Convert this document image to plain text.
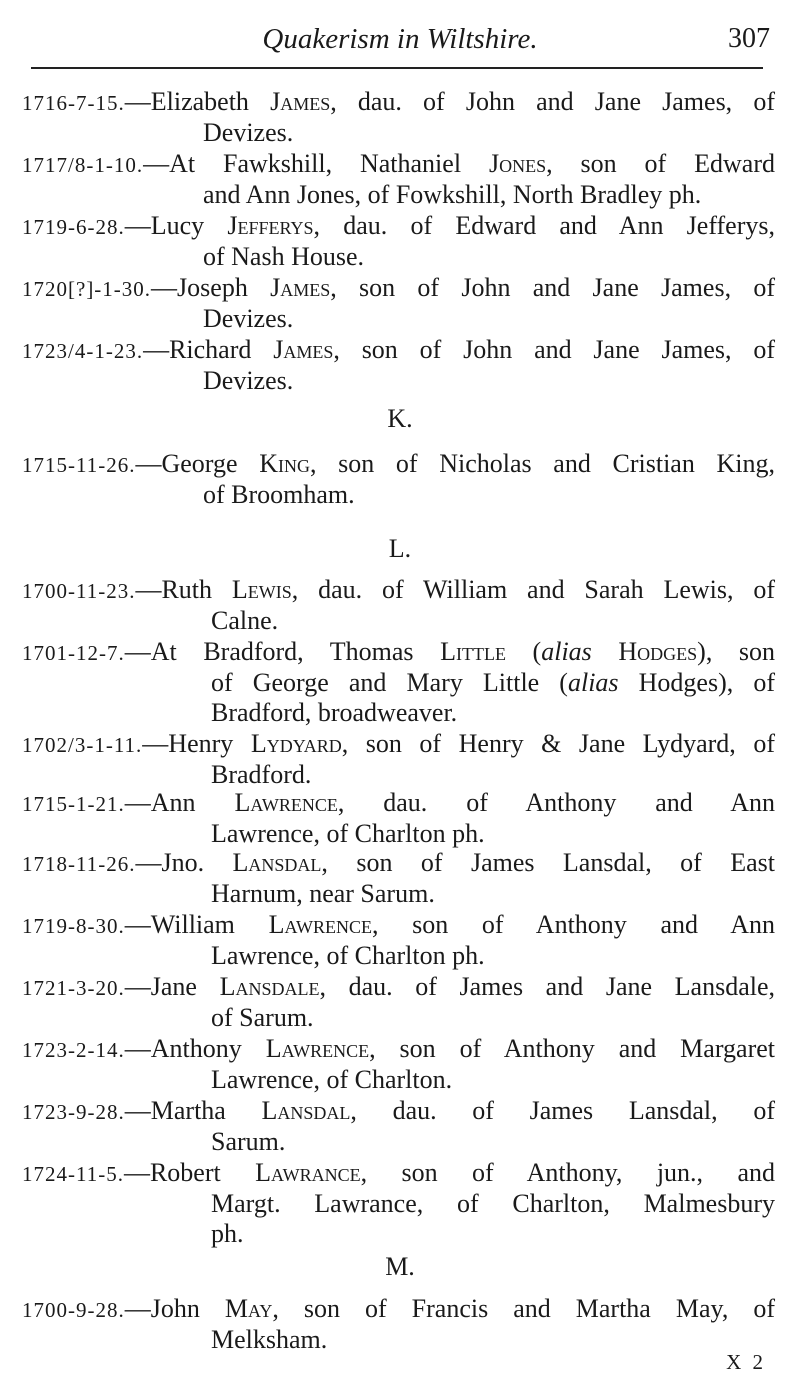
Quakerism in Wiltshire.	307
1716-7-15.—Elizabeth James, dau. of John and Jane James, of
Devizes.
1717/8-1-10.—At Fawkshill, Nathaniel Jones, son of Edward
and Ann Jones, of Fowkshill, North Bradley ph.
1719-6-28.—Lucy Jefferys, dau. of Edward and Ann Jefferys,
of Nash House.
1720[?]-1-30.—Joseph James, son of John and Jane James, of
Devizes.
1723/4-1-23.—Richard James, son of John and Jane James, of
Devizes.
K.
1715-11-26.—George King, son of Nicholas and Cristian King,
of Broomham.
L.
1700-11-23.—Ruth Lewis, dau. of William and Sarah Lewis, of
Calne.
1701-12-7.—At Bradford, Thomas Little (alias Hodges), son
of George and Mary Little (alias Hodges), of
Bradford, broadweaver.
1702/3-1-11.—Henry Lydyard, son of Henry & Jane Lydyard, of
Bradford.
1715-1-21.—Ann Lawrence, dau. of Anthony and Ann
Lawrence, of Charlton ph.
1718-11-26.—Jno. Lansdal, son of James Lansdal, of East
Harnum, near Sarum.
1719-8-30.—William Lawrence, son of Anthony and Ann
Lawrence, of Charlton ph.
1721-3-20.—Jane Lansdale, dau. of James and Jane Lansdale,
of Sarum.
1723-2-14.—Anthony Lawrence, son of Anthony and Margaret
Lawrence, of Charlton.
1723-9-28.—Martha Lansdal, dau. of James Lansdal, of
Sarum.
1724-11-5.—Robert Lawrance, son of Anthony, jun., and
Margt. Lawrance, of Charlton, Malmesbury
ph.
M.
1700-9-28.—John May, son of Francis and Martha May, of
Melksham.
X 2
